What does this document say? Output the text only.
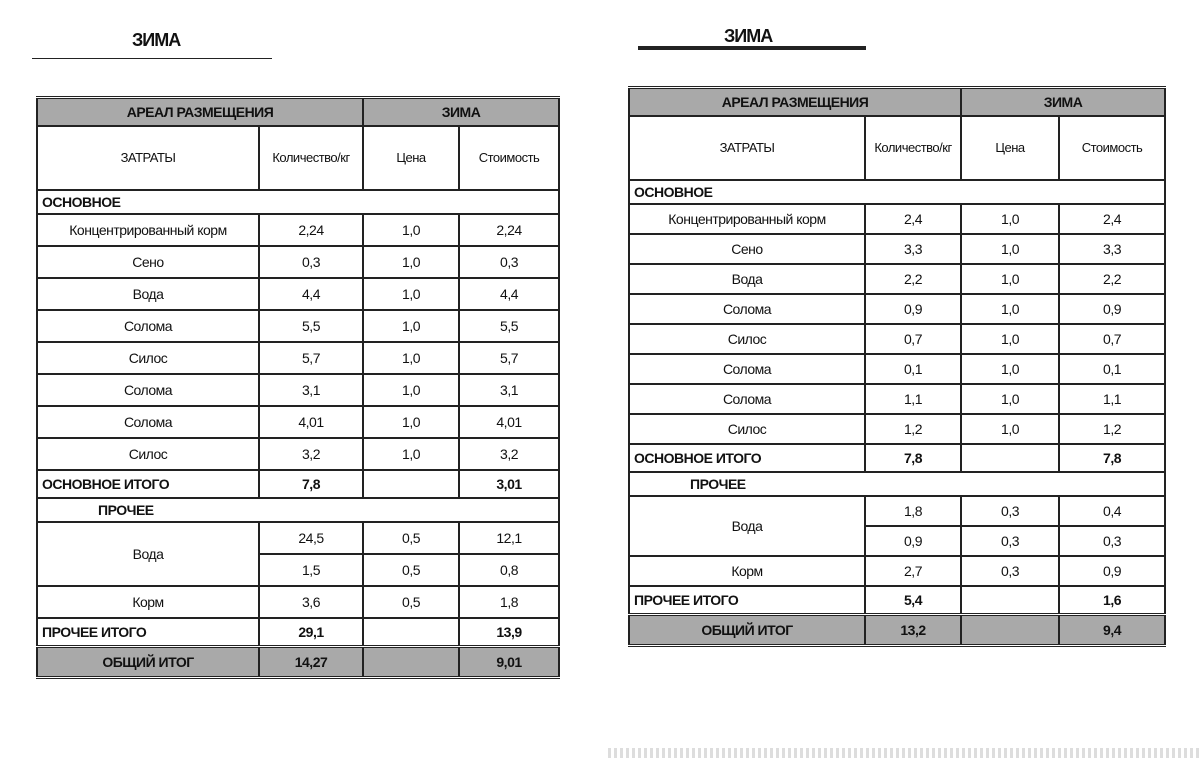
ЗИМА
АРЕАЛ РАЗМЕЩЕНИЯ		ЗИМА	
ЗАТРАТЫ	Количество/кг	Цена	Стоимость
ОСНОВНОЕ			
Концентрированный корм	2,24	1,0	2,24
Сено	0,3	1,0	0,3
Вода	4,4	1,0	4,4
Солома	5,5	1,0	5,5
Силос	5,7	1,0	5,7
Солома	3,1	1,0	3,1
Солома	4,01	1,0	4,01
Силос	3,2	1,0	3,2
ОСНОВНОЕ ИТОГО	7,8		3,01
ПРОЧЕЕ			
Вода	24,5	0,5	12,1
	1,5	0,5	0,8
Корм	3,6	0,5	1,8
ПРОЧЕЕ ИТОГО	29,1		13,9
ОБЩИЙ ИТОГ	14,27		9,01
ЗИМА
АРЕАЛ РАЗМЕЩЕНИЯ		ЗИМА	
ЗАТРАТЫ	Количество/кг	Цена	Стоимость
ОСНОВНОЕ			
Концентрированный корм	2,4	1,0	2,4
Сено	3,3	1,0	3,3
Вода	2,2	1,0	2,2
Солома	0,9	1,0	0,9
Силос	0,7	1,0	0,7
Солома	0,1	1,0	0,1
Солома	1,1	1,0	1,1
Силос	1,2	1,0	1,2
ОСНОВНОЕ ИТОГО	7,8		7,8
ПРОЧЕЕ			
Вода	1,8	0,3	0,4
	0,9	0,3	0,3
Корм	2,7	0,3	0,9
ПРОЧЕЕ ИТОГО	5,4		1,6
ОБЩИЙ ИТОГ	13,2		9,4
